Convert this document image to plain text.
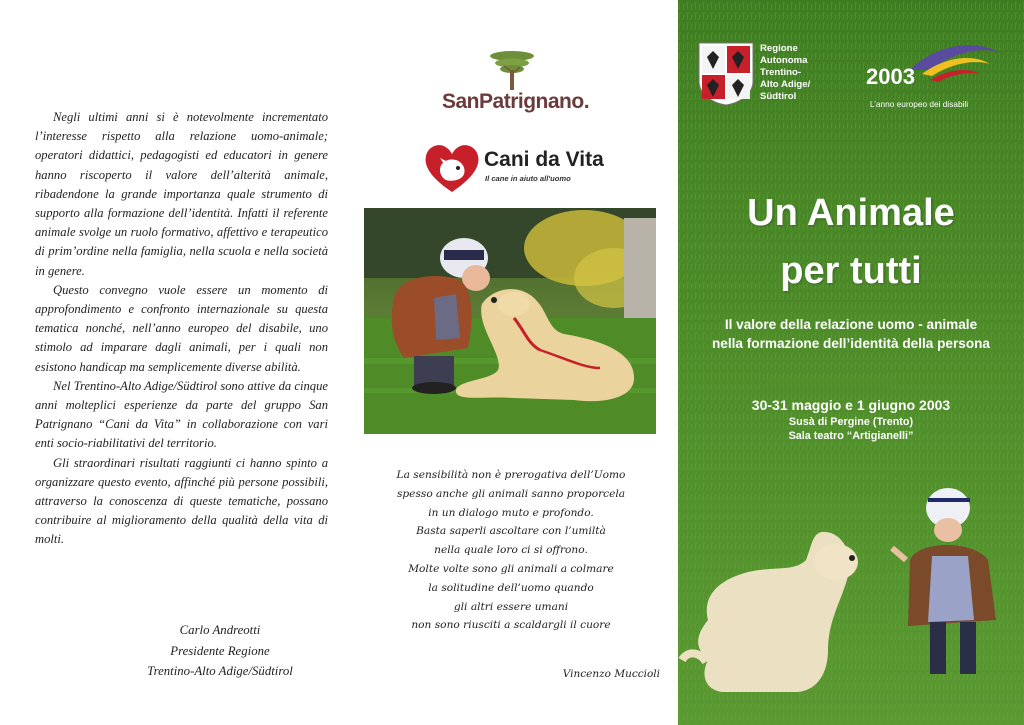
Negli ultimi anni si è notevolmente incrementato l’interesse rispetto alla relazione uomo-animale; operatori didattici, pedagogisti ed educatori in genere hanno riscoperto il valore dell’alterità animale, ribadendone la grande importanza quale strumento di supporto alla formazione dell’identità. Infatti il referente animale svolge un ruolo formativo, affettivo e terapeutico di prim’ordine nella famiglia, nella scuola e nella società in genere.

Questo convegno vuole essere un momento di approfondimento e confronto internazionale su questa tematica nonché, nell’anno europeo del disabile, uno stimolo ad imparare dagli animali, per i quali non esistono handicap ma semplicemente diverse abilità.

Nel Trentino-Alto Adige/Südtirol sono attive da cinque anni molteplici esperienze da parte del gruppo San Patrignano “Cani da Vita” in collaborazione con vari enti socio-riabilitativi del territorio.

Gli straordinari risultati raggiunti ci hanno spinto a organizzare questo evento, affinché più persone possibili, attraverso la conoscenza di queste tematiche, possano contribuire al miglioramento della qualità della vita di molti.

Carlo Andreotti
Presidente Regione
Trentino-Alto Adige/Südtirol
SanPatrignano.
Cani da Vita
Il cane in aiuto all'uomo
La sensibilità non è prerogativa dell’Uomo
spesso anche gli animali sanno proporcela
in un dialogo muto e profondo.
Basta saperli ascoltare con l’umiltà
nella quale loro ci si offrono.
Molte volte sono gli animali a colmare
la solitudine dell’uomo quando
gli altri essere umani
non sono riusciti a scaldargli il cuore
Vincenzo Muccioli
Regione
Autonoma
Trentino-
Alto Adige/
Südtirol
2003
L’anno europeo dei disabili
Un Animale
per tutti
Il valore della relazione uomo - animale
nella formazione dell’identità della persona
30-31 maggio e 1 giugno 2003
Susà di Pergine (Trento)
Sala teatro “Artigianelli”
